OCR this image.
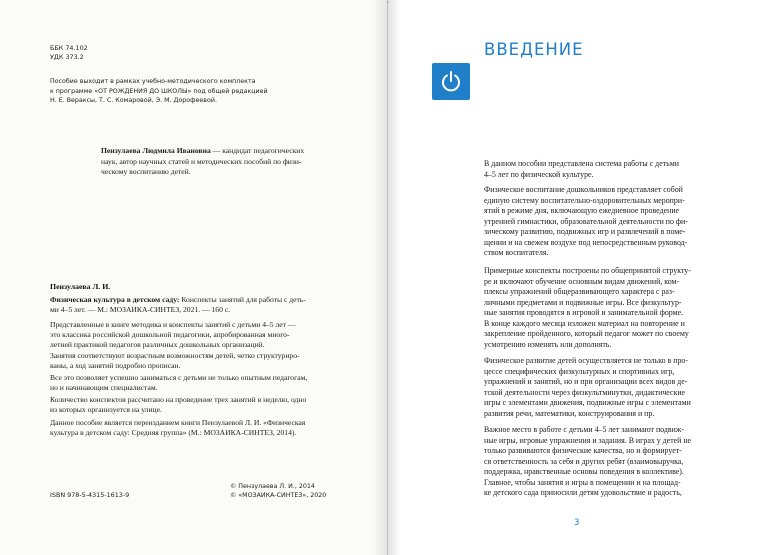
ББК 74.102
УДК 373.2
Пособие выходит в рамках учебно-методического комплекта
к программе «ОТ РОЖДЕНИЯ ДО ШКОЛЫ» под общей редакцией
Н. Е. Вераксы, Т. С. Комаровой, Э. М. Дорофеевой.
Пензулаева Людмила Ивановна — кандидат педагогических
наук, автор научных статей и методических пособий по физи-
ческому воспитанию детей.
Пензулаева Л. И.
Физическая культура в детском саду: Конспекты занятий для работы с деть-
ми 4–5 лет. — М.: МОЗАИКА-СИНТЕЗ, 2021. — 160 с.
Представленные в книге методика и конспекты занятий с детьми 4–5 лет —
это классика российской дошкольной педагогики, апробированная много-
летней практикой педагогов различных дошкольных организаций.
Занятия соответствуют возрастным возможностям детей, четко структуриро-
ваны, а ход занятий подробно прописан.
Все это позволяет успешно заниматься с детьми не только опытным педагогам,
но и начинающим специалистам.
Количество конспектов рассчитано на проведение трех занятий в неделю, одно
из которых организуется на улице.
Данное пособие является переизданием книги Пензулаевой Л. И. «Физическая
культура в детском саду: Средняя группа» (М.: МОЗАИКА-СИНТЕЗ, 2014).
ISBN 978-5-4315-1613-9
© Пензулаева Л. И., 2014
© «МОЗАИКА-СИНТЕЗ», 2020
ВВЕДЕНИЕ
В данном пособии представлена система работы с детьми
4–5 лет по физической культуре.
Физическое воспитание дошкольников представляет собой
единую систему воспитательно-оздоровительных меропри-
ятий в режиме дня, включающую ежедневное проведение
утренней гимнастики, образовательной деятельности по фи-
зическому развитию, подвижных игр и развлечений в поме-
щении и на свежем воздухе под непосредственным руковод-
ством воспитателя.
Примерные конспекты построены по общепринятой структу-
ре и включают обучение основным видам движений, ком-
плексы упражнений общеразвивающего характера с раз-
личными предметами и подвижные игры. Все физкультур-
ные занятия проводятся в игровой и занимательной форме.
В конце каждого месяца изложен материал на повторение и
закрепление пройденного, который педагог может по своему
усмотрению изменять или дополнять.
Физическое развитие детей осуществляется не только в про-
цессе специфических физкультурных и спортивных игр,
упражнений и занятий, но и при организации всех видов де-
тской деятельности через физкультминутки, дидактические
игры с элементами движения, подвижные игры с элементами
развития речи, математики, конструирования и пр.
Важное место в работе с детьми 4–5 лет занимают подвиж-
ные игры, игровые упражнения и задания. В играх у детей не
только развиваются физические качества, но и формирует-
ся ответственность за себя и других ребят (взаимовыручка,
поддержка, нравственные основы поведения в коллективе).
Главное, чтобы занятия и игры в помещении и на площад-
ке детского сада приносили детям удовольствие и радость,
3
